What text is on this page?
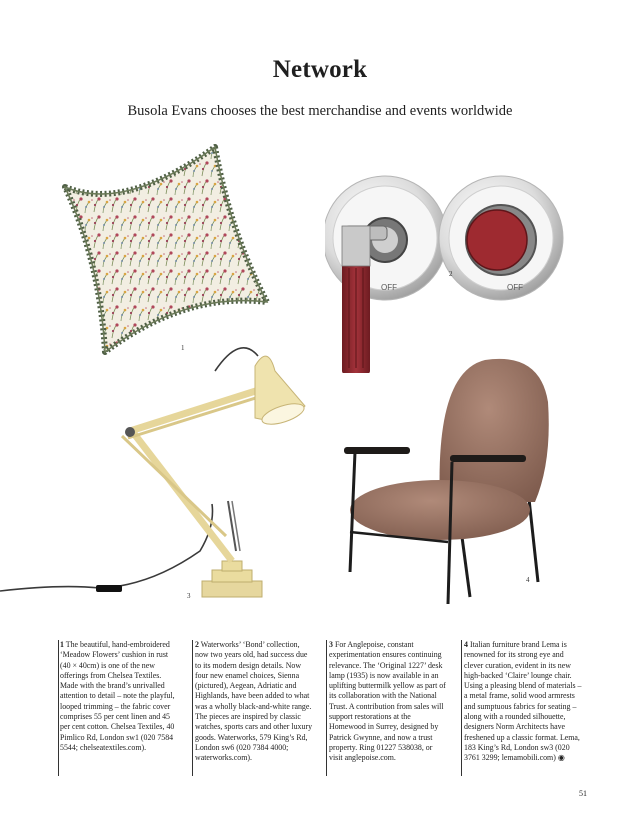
Network
Busola Evans chooses the best merchandise and events worldwide
1
OFF	OFF
2
3
4
1 The beautiful, hand-embroidered ‘Meadow Flowers’ cushion in rust (40 × 40cm) is one of the new offerings from Chelsea Textiles. Made with the brand’s unrivalled attention to detail – note the playful, looped trimming – the fabric cover comprises 55 per cent linen and 45 per cent cotton. Chelsea Textiles, 40 Pimlico Rd, London sw1 (020 7584 5544; chelseatextiles.com).
2 Waterworks’ ‘Bond’ collection, now two years old, had success due to its modern design details. Now four new enamel choices, Sienna (pictured), Aegean, Adriatic and Highlands, have been added to what was a wholly black-and-white range. The pieces are inspired by classic watches, sports cars and other luxury goods. Waterworks, 579 King’s Rd, London sw6 (020 7384 4000; waterworks.com).
3 For Anglepoise, constant experimentation ensures continuing relevance. The ‘Original 1227’ desk lamp (1935) is now available in an uplifting buttermilk yellow as part of its collaboration with the National Trust. A contribution from sales will support restorations at the Homewood in Surrey, designed by Patrick Gwynne, and now a trust property. Ring 01227 538038, or visit anglepoise.com.
4 Italian furniture brand Lema is renowned for its strong eye and clever curation, evident in its new high-backed ‘Claire’ lounge chair. Using a pleasing blend of materials – a metal frame, solid wood armrests and sumptuous fabrics for seating – along with a rounded silhouette, designers Norm Architects have freshened up a classic format. Lema, 183 King’s Rd, London sw3 (020 3761 3299; lemamobili.com) ◉
51
